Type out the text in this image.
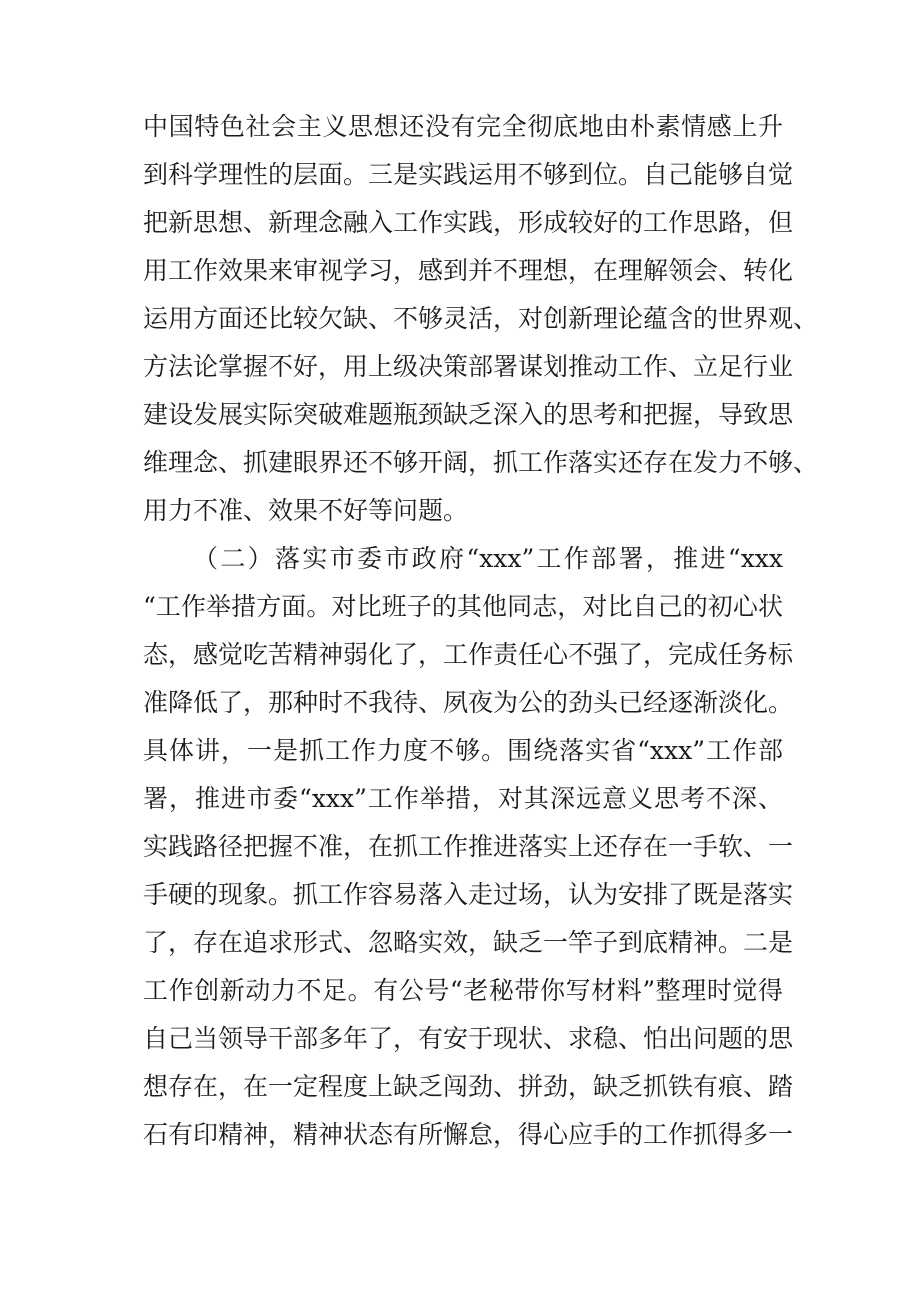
中国特色社会主义思想还没有完全彻底地由朴素情感上升
到科学理性的层面。三是实践运用不够到位。自己能够自觉
把新思想、新理念融入工作实践，形成较好的工作思路，但
用工作效果来审视学习，感到并不理想，在理解领会、转化
运用方面还比较欠缺、不够灵活，对创新理论蕴含的世界观、
方法论掌握不好，用上级决策部署谋划推动工作、立足行业
建设发展实际突破难题瓶颈缺乏深入的思考和把握，导致思
维理念、抓建眼界还不够开阔，抓工作落实还存在发力不够、
用力不准、效果不好等问题。
（二）落实市委市政府“xxx”工作部署，推进“xxx
“工作举措方面。对比班子的其他同志，对比自己的初心状
态，感觉吃苦精神弱化了，工作责任心不强了，完成任务标
准降低了，那种时不我待、夙夜为公的劲头已经逐渐淡化。
具体讲，一是抓工作力度不够。围绕落实省“xxx”工作部
署，推进市委“xxx”工作举措，对其深远意义思考不深、
实践路径把握不准，在抓工作推进落实上还存在一手软、一
手硬的现象。抓工作容易落入走过场，认为安排了既是落实
了，存在追求形式、忽略实效，缺乏一竿子到底精神。二是
工作创新动力不足。有公号“老秘带你写材料”整理时觉得
自己当领导干部多年了，有安于现状、求稳、怕出问题的思
想存在，在一定程度上缺乏闯劲、拼劲，缺乏抓铁有痕、踏
石有印精神，精神状态有所懈怠，得心应手的工作抓得多一
